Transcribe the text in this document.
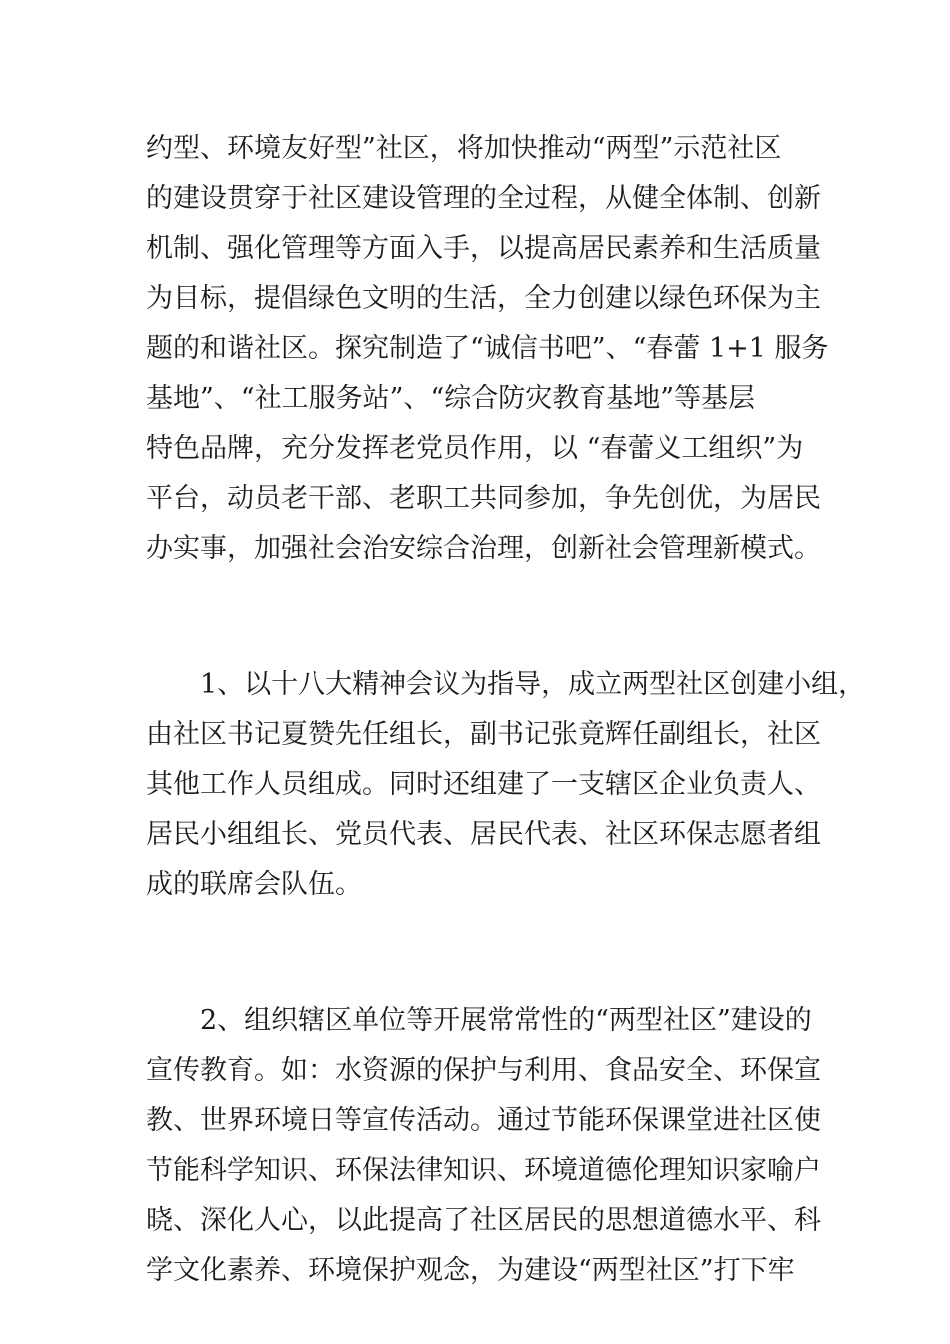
约型、环境友好型”社区，将加快推动“两型”示范社区
的建设贯穿于社区建设管理的全过程，从健全体制、创新
机制、强化管理等方面入手，以提高居民素养和生活质量
为目标，提倡绿色文明的生活，全力创建以绿色环保为主
题的和谐社区。探究制造了“诚信书吧”、“春蕾 1+1 服务
基地”、“社工服务站”、“综合防灾教育基地”等基层
特色品牌，充分发挥老党员作用，以 “春蕾义工组织”为
平台，动员老干部、老职工共同参加，争先创优，为居民
办实事，加强社会治安综合治理，创新社会管理新模式。
　　1、以十八大精神会议为指导，成立两型社区创建小组，
由社区书记夏赞先任组长，副书记张竟辉任副组长，社区
其他工作人员组成。同时还组建了一支辖区企业负责人、
居民小组组长、党员代表、居民代表、社区环保志愿者组
成的联席会队伍。
　　2、组织辖区单位等开展常常性的“两型社区”建设的
宣传教育。如：水资源的保护与利用、食品安全、环保宣
教、世界环境日等宣传活动。通过节能环保课堂进社区使
节能科学知识、环保法律知识、环境道德伦理知识家喻户
晓、深化人心，以此提高了社区居民的思想道德水平、科
学文化素养、环境保护观念，为建设“两型社区”打下牢
